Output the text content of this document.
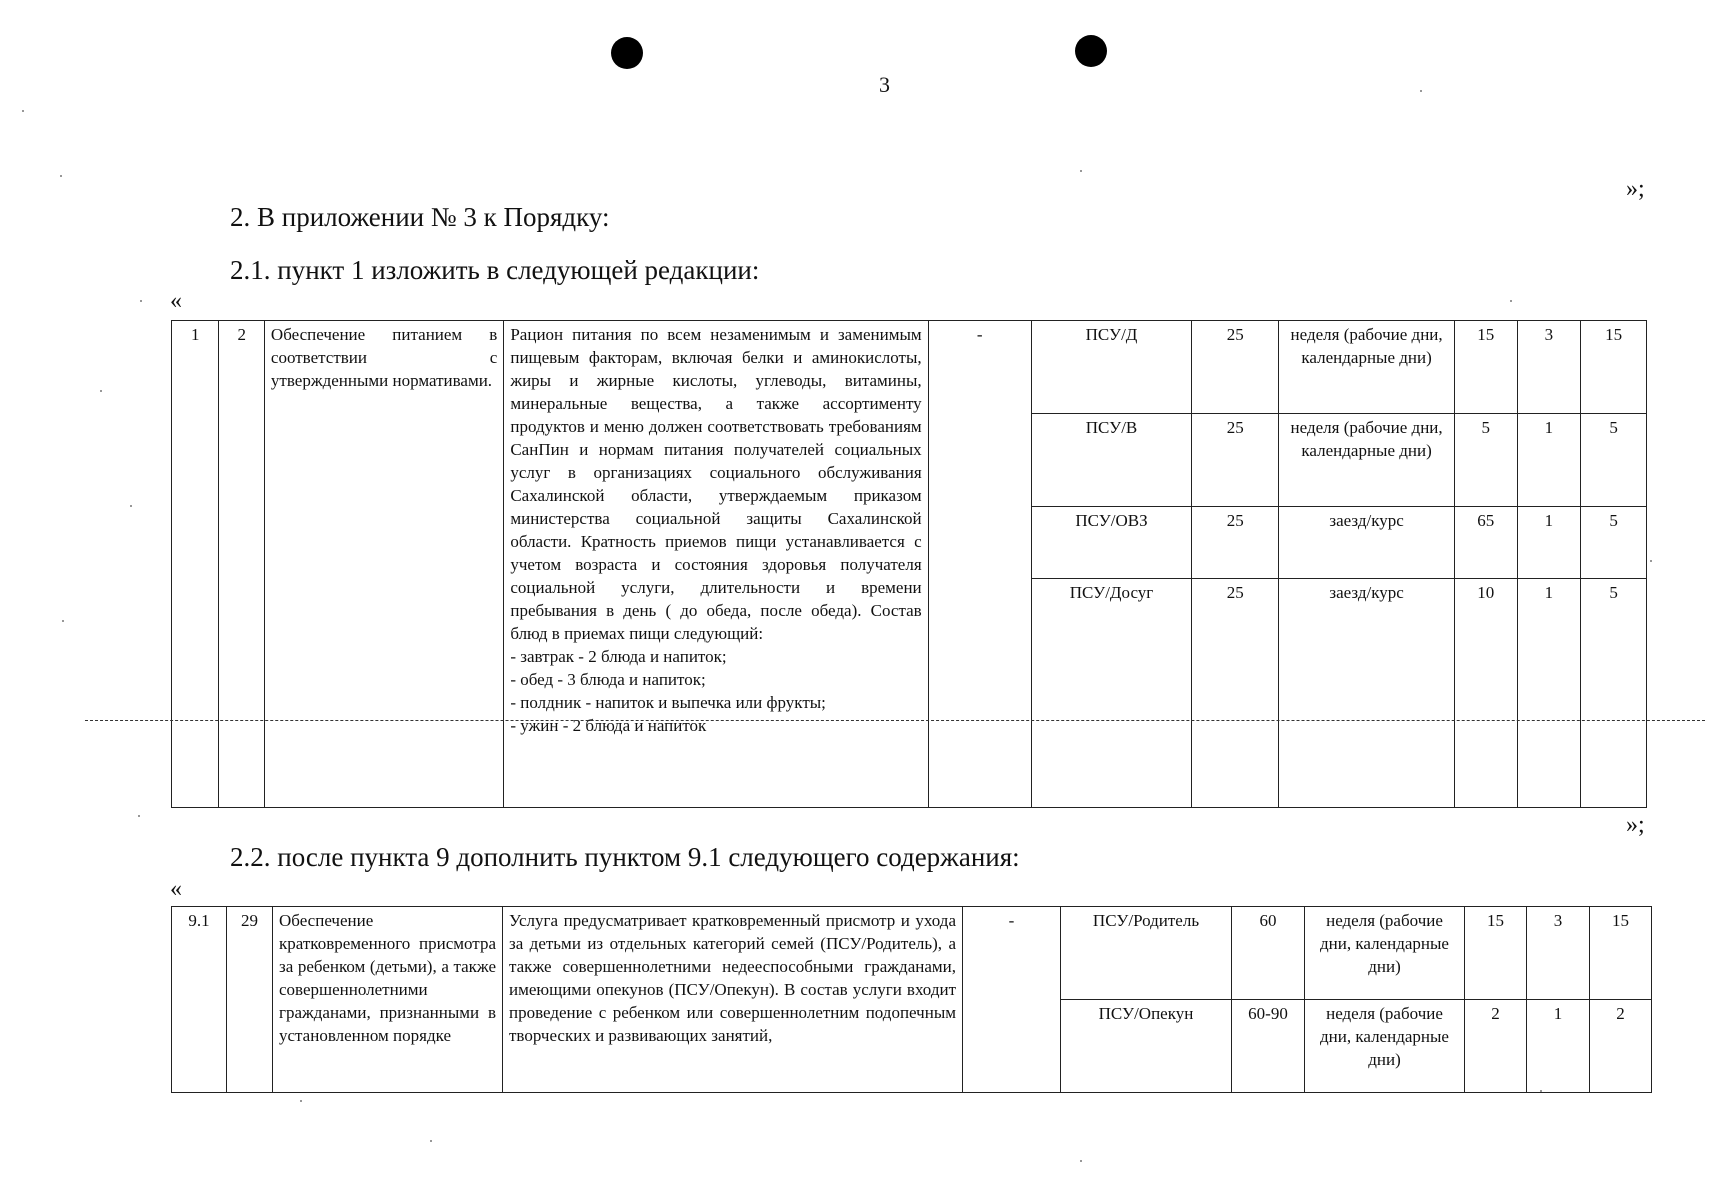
3
»;
2. В приложении № 3 к Порядку:
2.1. пункт 1 изложить в следующей редакции:
«
1	2	Обеспечение питанием в соответствии с утвержденными нормативами.	Рацион питания по всем незаменимым и заменимым пищевым факторам, включая белки и аминокислоты, жиры и жирные кислоты, углеводы, витамины, минеральные вещества, а также ассортименту продуктов и меню должен соответствовать требованиям СанПин и нормам питания получателей социальных услуг в организациях социального обслуживания Сахалинской области, утверждаемым приказом министерства социальной защиты Сахалинской области. Кратность приемов пищи устанавливается с учетом возраста и состояния здоровья получателя социальной услуги, длительности и времени пребывания в день ( до обеда, после обеда). Состав блюд в приемах пищи следующий:
- завтрак - 2 блюда и напиток;
- обед - 3 блюда и напиток;
- полдник - напиток и выпечка или фрукты;
- ужин - 2 блюда и напиток	-	ПСУ/Д	25	неделя (рабочие дни, календарные дни)	15	3	15
					ПСУ/В	25	неделя (рабочие дни, календарные дни)	5	1	5
					ПСУ/ОВЗ	25	заезд/курс	65	1	5
					ПСУ/Досуг	25	заезд/курс	10	1	5
»;
2.2. после пункта 9 дополнить пунктом 9.1 следующего содержания:
«
9.1	29	Обеспечение кратковременного присмотра за ребенком (детьми), а также совершеннолетними гражданами, признанными в установленном порядке	Услуга предусматривает кратковременный присмотр и ухода за детьми из отдельных категорий семей (ПСУ/Родитель), а также совершеннолетними недееспособными гражданами, имеющими опекунов (ПСУ/Опекун). В состав услуги входит проведение с ребенком или совершеннолетним подопечным творческих и развивающих занятий,	-	ПСУ/Родитель	60	неделя (рабочие дни, календарные дни)	15	3	15
					ПСУ/Опекун	60-90	неделя (рабочие дни, календарные дни)	2	1	2
